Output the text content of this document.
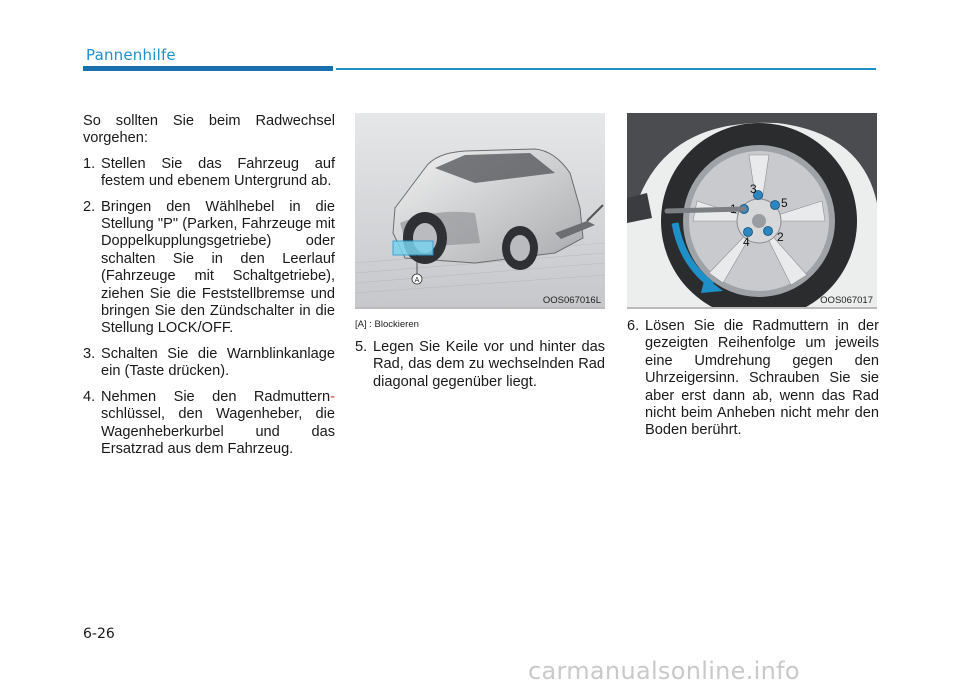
Pannenhilfe

So sollten Sie beim Radwechsel vorgehen:

1. Stellen Sie das Fahrzeug auf festem und ebenem Untergrund ab.
2. Bringen den Wählhebel in die Stellung "P" (Parken, Fahrzeuge mit Doppelkupplungsgetriebe) oder schalten Sie in den Leerlauf (Fahrzeuge mit Schaltgetriebe), ziehen Sie die Feststellbremse und bringen Sie den Zündschalter in die Stellung LOCK/OFF.
3. Schalten Sie die Warnblinkanlage ein (Taste drücken).
4. Nehmen Sie den Radmuttern- schlüssel, den Wagenheber, die Wagenheberkurbel und das Ersatzrad aus dem Fahrzeug.
A
OOS067016L
2
3
4
5
OOS067017
[A] : Blockieren
5. Legen Sie Keile vor und hinter das Rad, das dem zu wechselnden Rad diagonal gegenüber liegt.
6. Lösen Sie die Radmuttern in der gezeigten Reihenfolge um jeweils eine Umdrehung gegen den Uhrzeigersinn. Schrauben Sie sie aber erst dann ab, wenn das Rad nicht beim Anheben nicht mehr den Boden berührt.
6-26
carmanualsonline.info
